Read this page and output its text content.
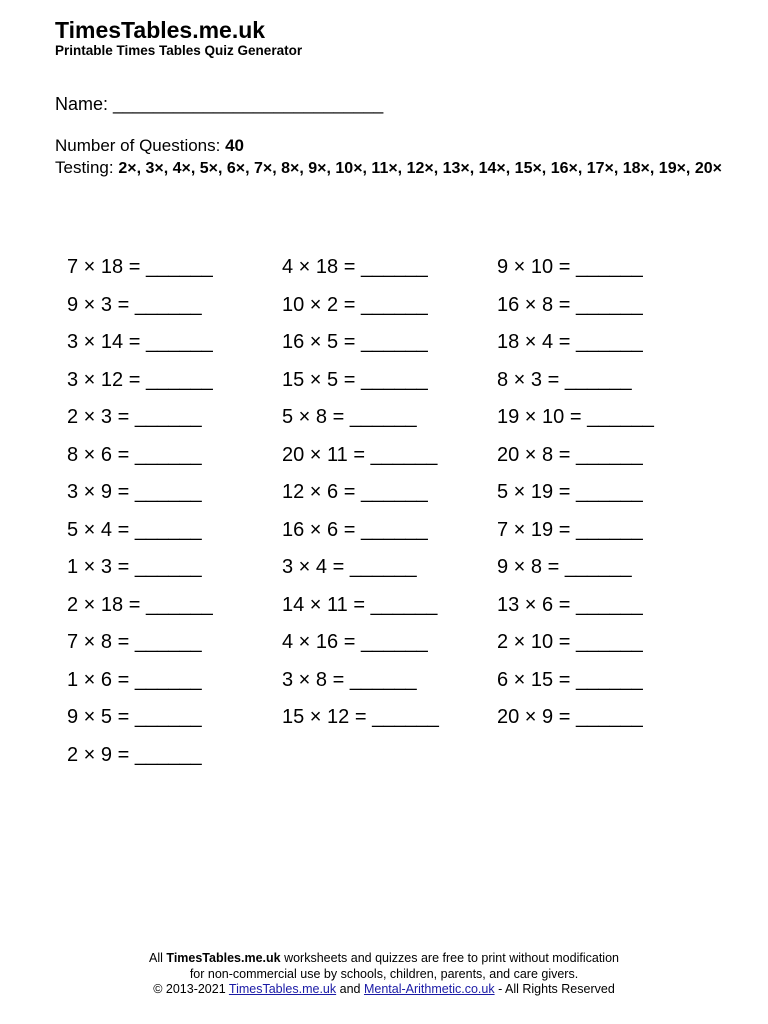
TimesTables.me.uk
Printable Times Tables Quiz Generator
Name: ___________________________
Number of Questions: 40
Testing: 2×, 3×, 4×, 5×, 6×, 7×, 8×, 9×, 10×, 11×, 12×, 13×, 14×, 15×, 16×, 17×, 18×, 19×, 20×
7 × 18 = ______
9 × 3 = ______
3 × 14 = ______
3 × 12 = ______
2 × 3 = ______
8 × 6 = ______
3 × 9 = ______
5 × 4 = ______
1 × 3 = ______
2 × 18 = ______
7 × 8 = ______
1 × 6 = ______
9 × 5 = ______
2 × 9 = ______
4 × 18 = ______
10 × 2 = ______
16 × 5 = ______
15 × 5 = ______
5 × 8 = ______
20 × 11 = ______
12 × 6 = ______
16 × 6 = ______
3 × 4 = ______
14 × 11 = ______
4 × 16 = ______
3 × 8 = ______
15 × 12 = ______
9 × 10 = ______
16 × 8 = ______
18 × 4 = ______
8 × 3 = ______
19 × 10 = ______
20 × 8 = ______
5 × 19 = ______
7 × 19 = ______
9 × 8 = ______
13 × 6 = ______
2 × 10 = ______
6 × 15 = ______
20 × 9 = ______
All TimesTables.me.uk worksheets and quizzes are free to print without modification
for non-commercial use by schools, children, parents, and care givers.
© 2013-2021 TimesTables.me.uk and Mental-Arithmetic.co.uk - All Rights Reserved
